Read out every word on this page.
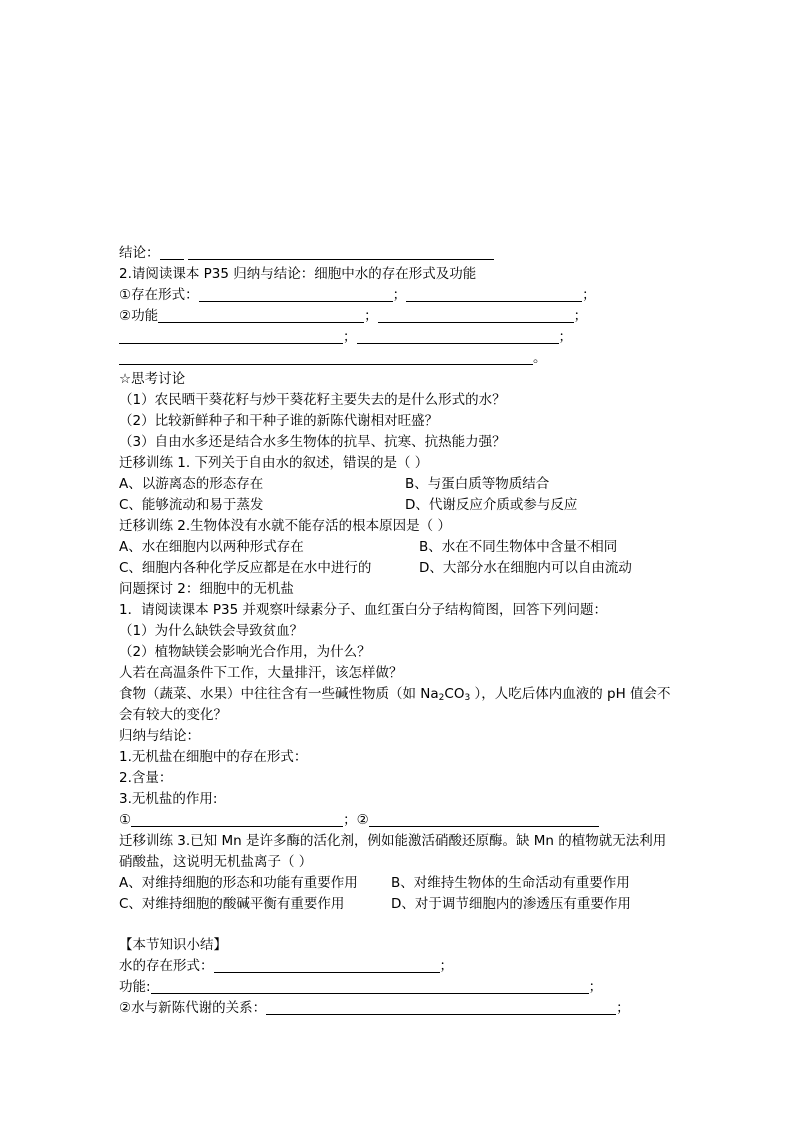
结论：
2.请阅读课本 P35 归纳与结论：细胞中水的存在形式及功能
①存在形式：	；	；
②功能	；	；
；	；
。
☆思考讨论
（1）农民晒干葵花籽与炒干葵花籽主要失去的是什么形式的水？
（2）比较新鲜种子和干种子谁的新陈代谢相对旺盛？
（3）自由水多还是结合水多生物体的抗旱、抗寒、抗热能力强？
迁移训练 1. 下列关于自由水的叙述，错误的是（ ）
A、以游离态的形态存在	B、与蛋白质等物质结合
C、能够流动和易于蒸发	D、代谢反应介质或参与反应
迁移训练 2.生物体没有水就不能存活的根本原因是（ ）
A、水在细胞内以两种形式存在	B、水在不同生物体中含量不相同
C、细胞内各种化学反应都是在水中进行的	D、大部分水在细胞内可以自由流动
问题探讨 2：细胞中的无机盐
1．请阅读课本 P35 并观察叶绿素分子、血红蛋白分子结构简图，回答下列问题：
（1）为什么缺铁会导致贫血？
（2）植物缺镁会影响光合作用，为什么？
人若在高温条件下工作，大量排汗，该怎样做？
食物（蔬菜、水果）中往往含有一些碱性物质（如 $Na_2CO_3$ ），人吃后体内血液的 pH 值会不
会有较大的变化？
归纳与结论：
1.无机盐在细胞中的存在形式：
2.含量：
3.无机盐的作用:
①	；②
迁移训练 3.已知 Mn 是许多酶的活化剂，例如能激活硝酸还原酶。缺 Mn 的植物就无法利用
硝酸盐，这说明无机盐离子（ ）
A、对维持细胞的形态和功能有重要作用 B、对维持生物体的生命活动有重要作用
C、对维持细胞的酸碱平衡有重要作用	D、对于调节细胞内的渗透压有重要作用
【本节知识小结】
水的存在形式：	；
功能:	；
②水与新陈代谢的关系：	；
